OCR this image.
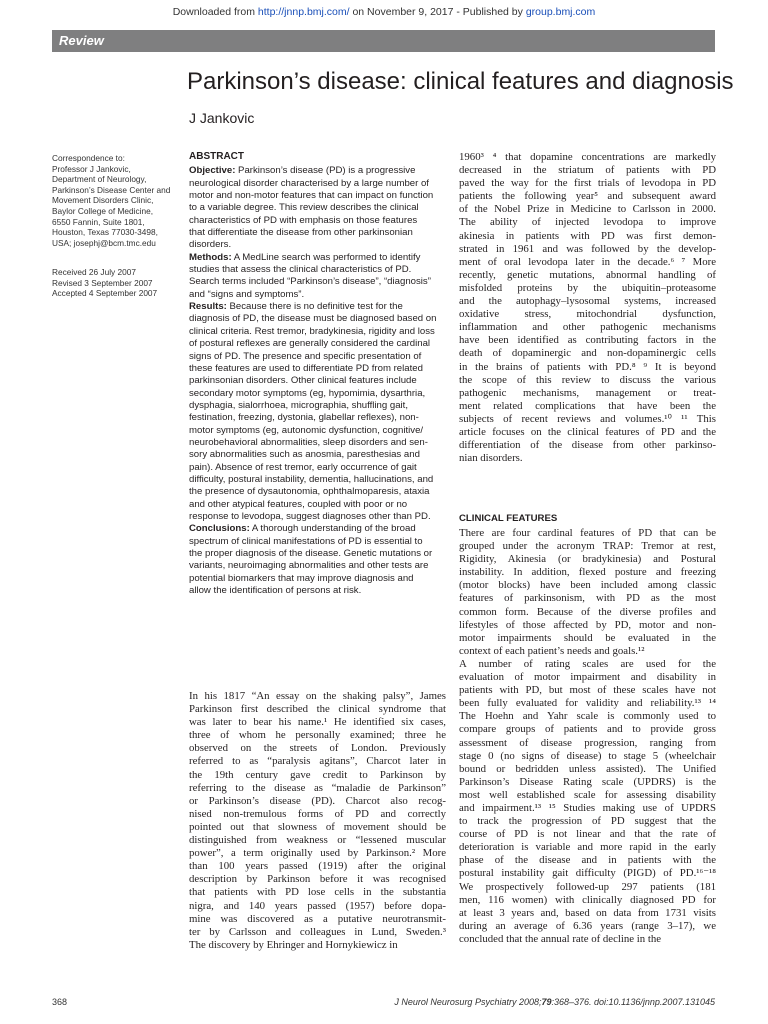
Downloaded from http://jnnp.bmj.com/ on November 9, 2017 - Published by group.bmj.com
Review
Parkinson’s disease: clinical features and diagnosis
J Jankovic
Correspondence to:
Professor J Jankovic,
Department of Neurology,
Parkinson’s Disease Center and
Movement Disorders Clinic,
Baylor College of Medicine,
6550 Fannin, Suite 1801,
Houston, Texas 77030-3498,
USA; josephj@bcm.tmc.edu
Received 26 July 2007
Revised 3 September 2007
Accepted 4 September 2007
ABSTRACT
Objective: Parkinson’s disease (PD) is a progressive
neurological disorder characterised by a large number of
motor and non-motor features that can impact on function
to a variable degree. This review describes the clinical
characteristics of PD with emphasis on those features
that differentiate the disease from other parkinsonian
disorders.
Methods: A MedLine search was performed to identify
studies that assess the clinical characteristics of PD.
Search terms included “Parkinson’s disease”, “diagnosis”
and “signs and symptoms”.
Results: Because there is no definitive test for the
diagnosis of PD, the disease must be diagnosed based on
clinical criteria. Rest tremor, bradykinesia, rigidity and loss
of postural reflexes are generally considered the cardinal
signs of PD. The presence and specific presentation of
these features are used to differentiate PD from related
parkinsonian disorders. Other clinical features include
secondary motor symptoms (eg, hypomimia, dysarthria,
dysphagia, sialorrhoea, micrographia, shuffling gait,
festination, freezing, dystonia, glabellar reflexes), non-
motor symptoms (eg, autonomic dysfunction, cognitive/
neurobehavioral abnormalities, sleep disorders and sen-
sory abnormalities such as anosmia, paresthesias and
pain). Absence of rest tremor, early occurrence of gait
difficulty, postural instability, dementia, hallucinations, and
the presence of dysautonomia, ophthalmoparesis, ataxia
and other atypical features, coupled with poor or no
response to levodopa, suggest diagnoses other than PD.
Conclusions: A thorough understanding of the broad
spectrum of clinical manifestations of PD is essential to
the proper diagnosis of the disease. Genetic mutations or
variants, neuroimaging abnormalities and other tests are
potential biomarkers that may improve diagnosis and
allow the identification of persons at risk.
In his 1817 “An essay on the shaking palsy”, James
Parkinson first described the clinical syndrome that
was later to bear his name.¹ He identified six cases,
three of whom he personally examined; three he
observed on the streets of London. Previously
referred to as “paralysis agitans”, Charcot later in
the 19th century gave credit to Parkinson by
referring to the disease as “maladie de Parkinson”
or Parkinson’s disease (PD). Charcot also recog-
nised non-tremulous forms of PD and correctly
pointed out that slowness of movement should be
distinguished from weakness or “lessened muscular
power”, a term originally used by Parkinson.² More
than 100 years passed (1919) after the original
description by Parkinson before it was recognised
that patients with PD lose cells in the substantia
nigra, and 140 years passed (1957) before dopa-
mine was discovered as a putative neurotransmit-
ter by Carlsson and colleagues in Lund, Sweden.³
The discovery by Ehringer and Hornykiewicz in
1960³ ⁴ that dopamine concentrations are markedly
decreased in the striatum of patients with PD
paved the way for the first trials of levodopa in PD
patients the following year⁵ and subsequent award
of the Nobel Prize in Medicine to Carlsson in 2000.
The ability of injected levodopa to improve
akinesia in patients with PD was first demon-
strated in 1961 and was followed by the develop-
ment of oral levodopa later in the decade.⁶ ⁷ More
recently, genetic mutations, abnormal handling of
misfolded proteins by the ubiquitin–proteasome
and the autophagy–lysosomal systems, increased
oxidative stress, mitochondrial dysfunction,
inflammation and other pathogenic mechanisms
have been identified as contributing factors in the
death of dopaminergic and non-dopaminergic cells
in the brains of patients with PD.⁸ ⁹ It is beyond
the scope of this review to discuss the various
pathogenic mechanisms, management or treat-
ment related complications that have been the
subjects of recent reviews and volumes.¹⁰ ¹¹ This
article focuses on the clinical features of PD and the
differentiation of the disease from other parkinso-
nian disorders.
CLINICAL FEATURES
There are four cardinal features of PD that can be
grouped under the acronym TRAP: Tremor at rest,
Rigidity, Akinesia (or bradykinesia) and Postural
instability. In addition, flexed posture and freezing
(motor blocks) have been included among classic
features of parkinsonism, with PD as the most
common form. Because of the diverse profiles and
lifestyles of those affected by PD, motor and non-
motor impairments should be evaluated in the
context of each patient’s needs and goals.¹²
A number of rating scales are used for the
evaluation of motor impairment and disability in
patients with PD, but most of these scales have not
been fully evaluated for validity and reliability.¹³ ¹⁴
The Hoehn and Yahr scale is commonly used to
compare groups of patients and to provide gross
assessment of disease progression, ranging from
stage 0 (no signs of disease) to stage 5 (wheelchair
bound or bedridden unless assisted). The Unified
Parkinson’s Disease Rating scale (UPDRS) is the
most well established scale for assessing disability
and impairment.¹³ ¹⁵ Studies making use of UPDRS
to track the progression of PD suggest that the
course of PD is not linear and that the rate of
deterioration is variable and more rapid in the early
phase of the disease and in patients with the
postural instability gait difficulty (PIGD) of PD.¹⁶⁻¹⁸
We prospectively followed-up 297 patients (181
men, 116 women) with clinically diagnosed PD for
at least 3 years and, based on data from 1731 visits
during an average of 6.36 years (range 3–17), we
concluded that the annual rate of decline in the
368	J Neurol Neurosurg Psychiatry 2008;79:368–376. doi:10.1136/jnnp.2007.131045
